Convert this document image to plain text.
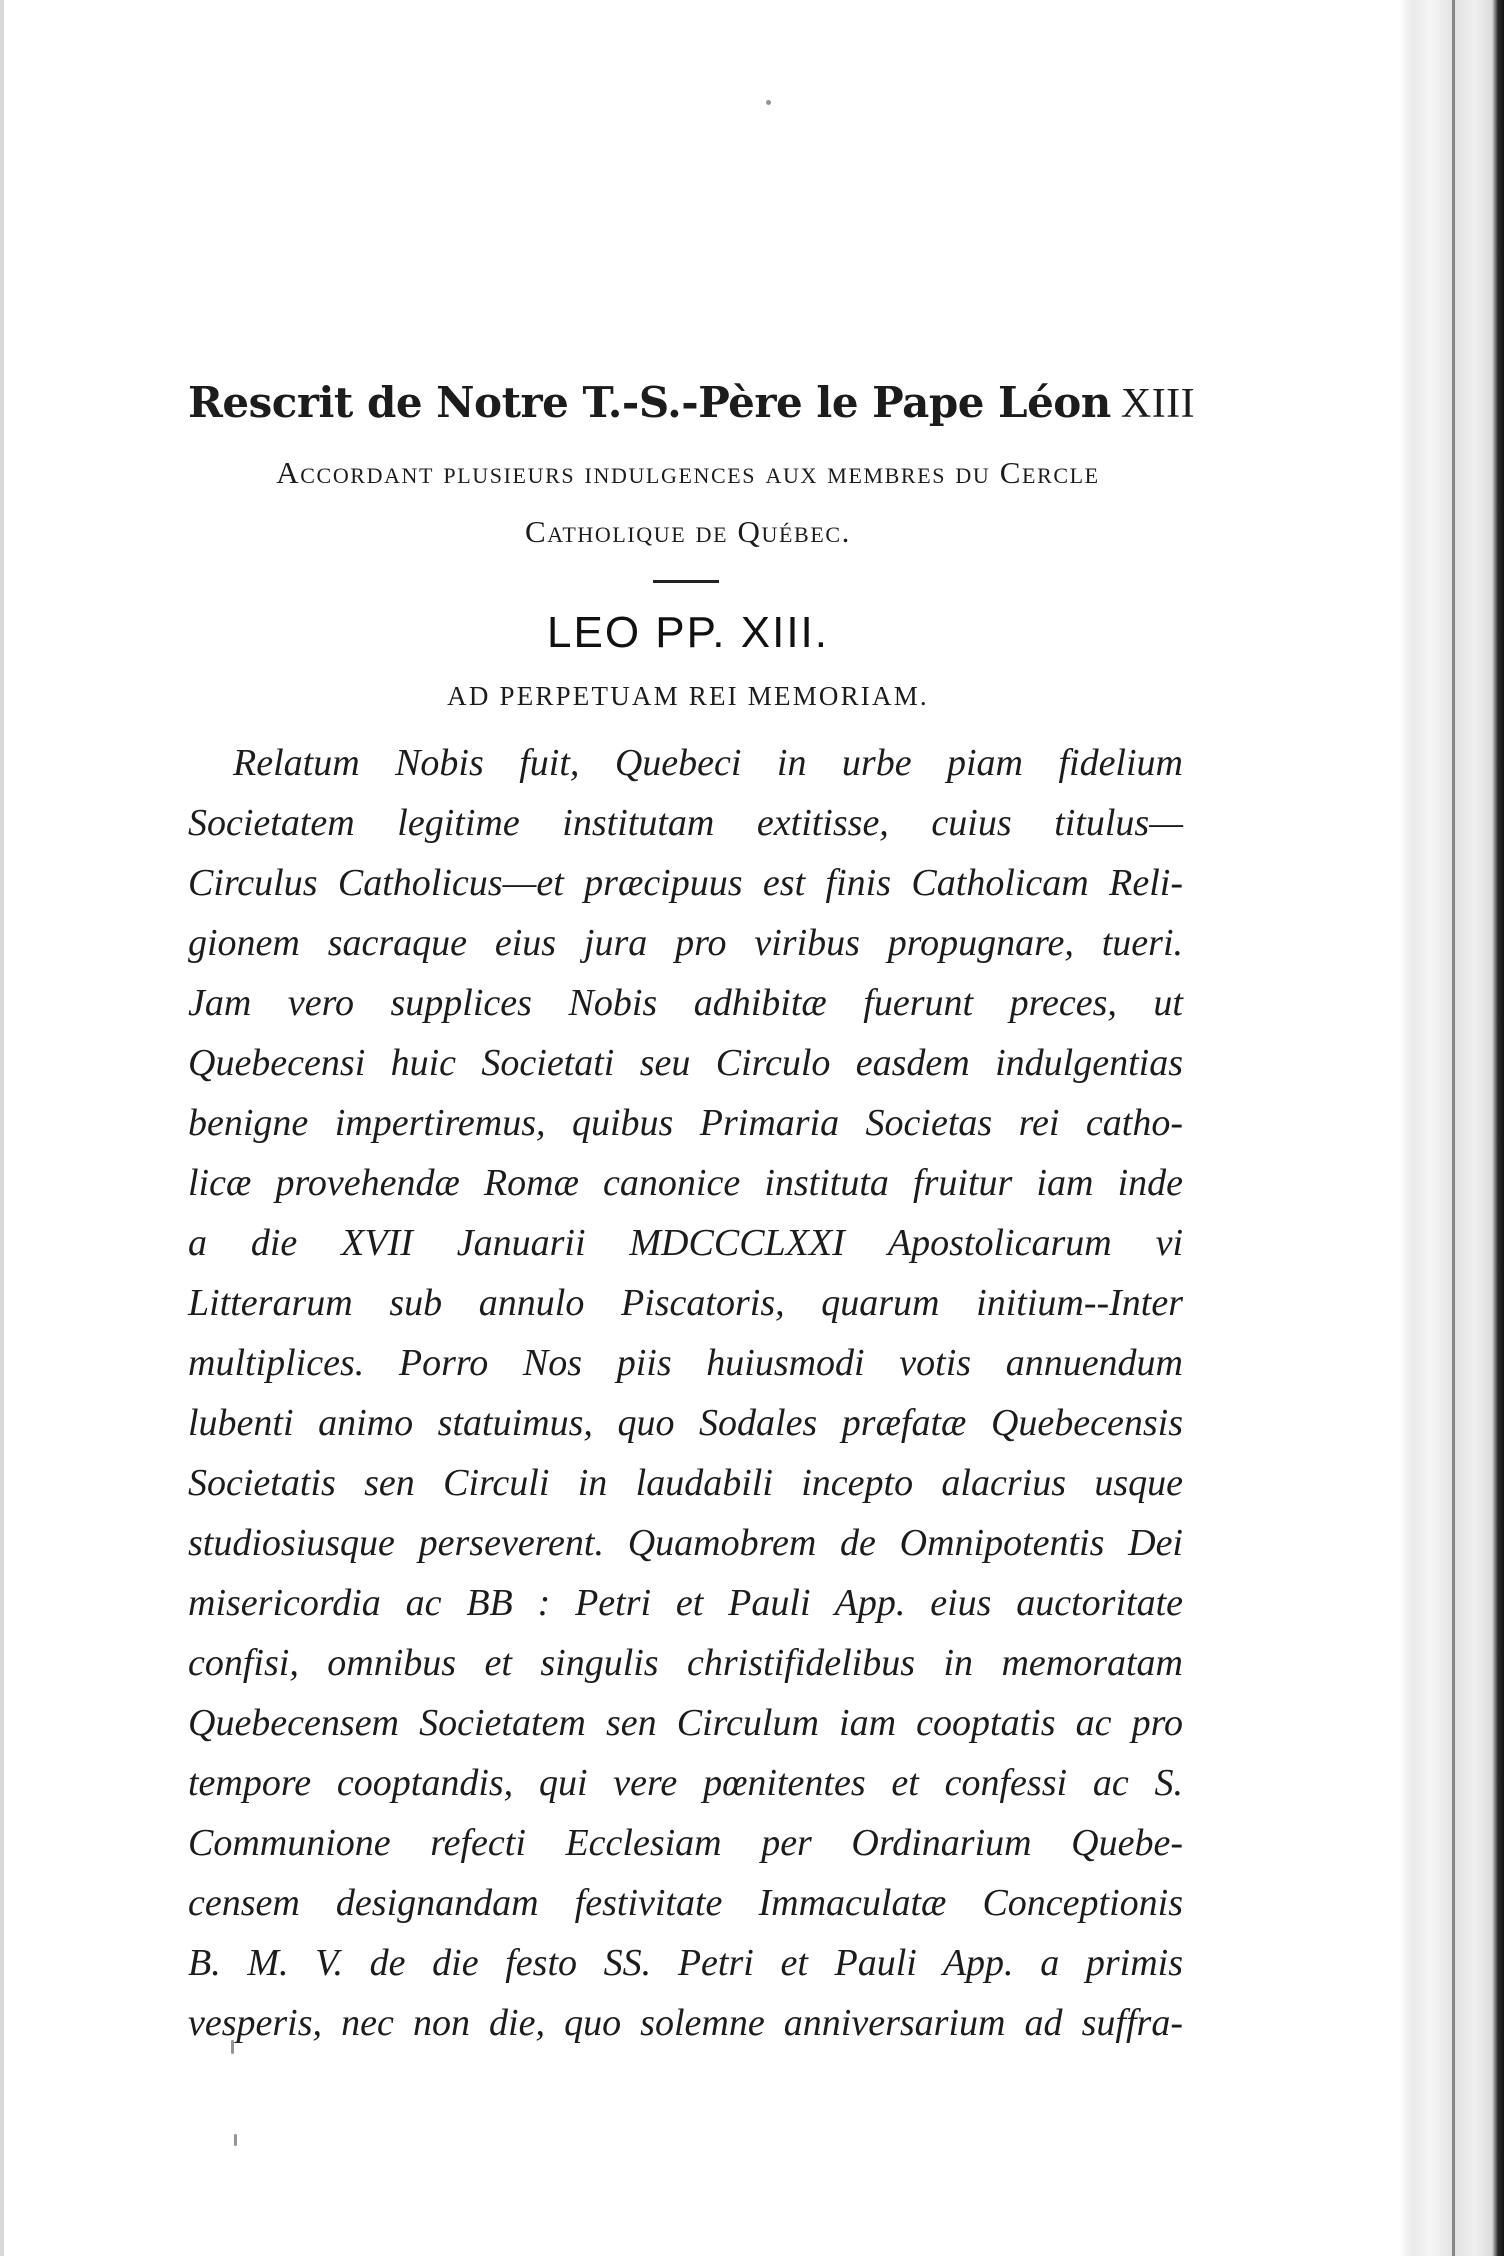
Rescrit de Notre T.-S.-Père le Pape Léon XIII
Accordant plusieurs indulgences aux membres du Cercle
Catholique de Québec.
LEO PP. XIII.
AD PERPETUAM REI MEMORIAM.
Relatum Nobis fuit, Quebeci in urbe piam fidelium
Societatem legitime institutam extitisse, cuius titulus—
Circulus Catholicus—et præcipuus est finis Catholicam Reli-
gionem sacraque eius jura pro viribus propugnare, tueri.
Jam vero supplices Nobis adhibitæ fuerunt preces, ut
Quebecensi huic Societati seu Circulo easdem indulgentias
benigne impertiremus, quibus Primaria Societas rei catho-
licæ provehendæ Romæ canonice instituta fruitur iam inde
a die XVII Januarii MDCCCLXXI Apostolicarum vi
Litterarum sub annulo Piscatoris, quarum initium--Inter
multiplices. Porro Nos piis huiusmodi votis annuendum
lubenti animo statuimus, quo Sodales præfatæ Quebecensis
Societatis sen Circuli in laudabili incepto alacrius usque
studiosiusque perseverent. Quamobrem de Omnipotentis Dei
misericordia ac BB : Petri et Pauli App. eius auctoritate
confisi, omnibus et singulis christifidelibus in memoratam
Quebecensem Societatem sen Circulum iam cooptatis ac pro
tempore cooptandis, qui vere pœnitentes et confessi ac S.
Communione refecti Ecclesiam per Ordinarium Quebe-
censem designandam festivitate Immaculatæ Conceptionis
B. M. V. de die festo SS. Petri et Pauli App. a primis
vesperis, nec non die, quo solemne anniversarium ad suffra-
